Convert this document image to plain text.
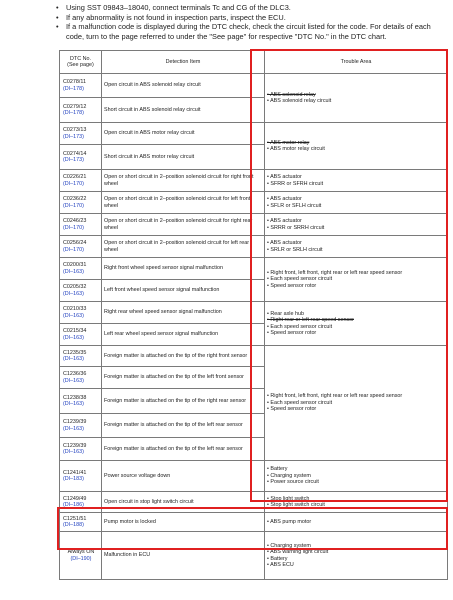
• Using SST 09843–18040, connect terminals Tc and CG of the DLC3.
• If any abnormality is not found in inspection parts, inspect the ECU.
• If a malfunction code is displayed during the DTC check, check the circuit listed for the code. For details of each code, turn to the page referred to under the "See page" for respective "DTC No." in the DTC chart.
DTC No.
(See page)	Detection Item	Trouble Area

C0278/11
(DI–178)	Open circuit in ABS solenoid relay circuit	• ABS solenoid relay
• ABS solenoid relay circuit

C0279/12
(DI–178)	Short circuit in ABS solenoid relay circuit	

C0273/13
(DI–173)	Open circuit in ABS motor relay circuit	• ABS motor relay
• ABS motor relay circuit

C0274/14
(DI–173)	Short circuit in ABS motor relay circuit	

C0226/21
(DI–170)	Open or short circuit in 2–position solenoid circuit for right front wheel	• ABS actuator
• SFRR or SFRH circuit

C0236/22
(DI–170)	Open or short circuit in 2–position solenoid circuit for left front wheel	• ABS actuator
• SFLR or SFLH circuit

C0246/23
(DI–170)	Open or short circuit in 2–position solenoid circuit for right rear wheel	• ABS actuator
• SRRR or SRRH circuit

C0256/24
(DI–170)	Open or short circuit in 2–position solenoid circuit for left rear wheel	• ABS actuator
• SRLR or SRLH circuit

C0200/31
(DI–163)	Right front wheel speed sensor signal malfunction	• Right front, left front, right rear or left rear speed sensor
• Each speed sensor circuit
• Speed sensor rotor

C0205/32
(DI–163)	Left front wheel speed sensor signal malfunction	

C0210/33
(DI–163)	Right rear wheel speed sensor signal malfunction	• Rear axle hub
• Right rear or left rear speed sensor
• Each speed sensor circuit
• Speed sensor rotor

C0215/34
(DI–163)	Left rear wheel speed sensor signal malfunction	

C1235/35
(DI–163)	Foreign matter is attached on the tip of the right front sensor	• Right front, left front, right rear or left rear speed sensor
• Each speed sensor circuit
• Speed sensor rotor

C1236/36
(DI–163)	Foreign matter is attached on the tip of the left front sensor	

C1238/38
(DI–163)	Foreign matter is attached on the tip of the right rear sensor	

C1239/39
(DI–163)	Foreign matter is attached on the tip of the left rear sensor	

C1239/39
(DI–163)	Foreign matter is attached on the tip of the left rear sensor	

C1241/41
(DI–183)	Power source voltage down	• Battery
• Charging system
• Power source circuit

C1249/49
(DI–186)	Open circuit in stop light switch circuit	• Stop light switch
• Stop light switch circuit

C1251/51
(DI–188)	Pump motor is locked	• ABS pump motor

Always ON
(DI–190)	Malfunction in ECU	• Charging system
• ABS warning light circuit
• Battery
• ABS ECU
